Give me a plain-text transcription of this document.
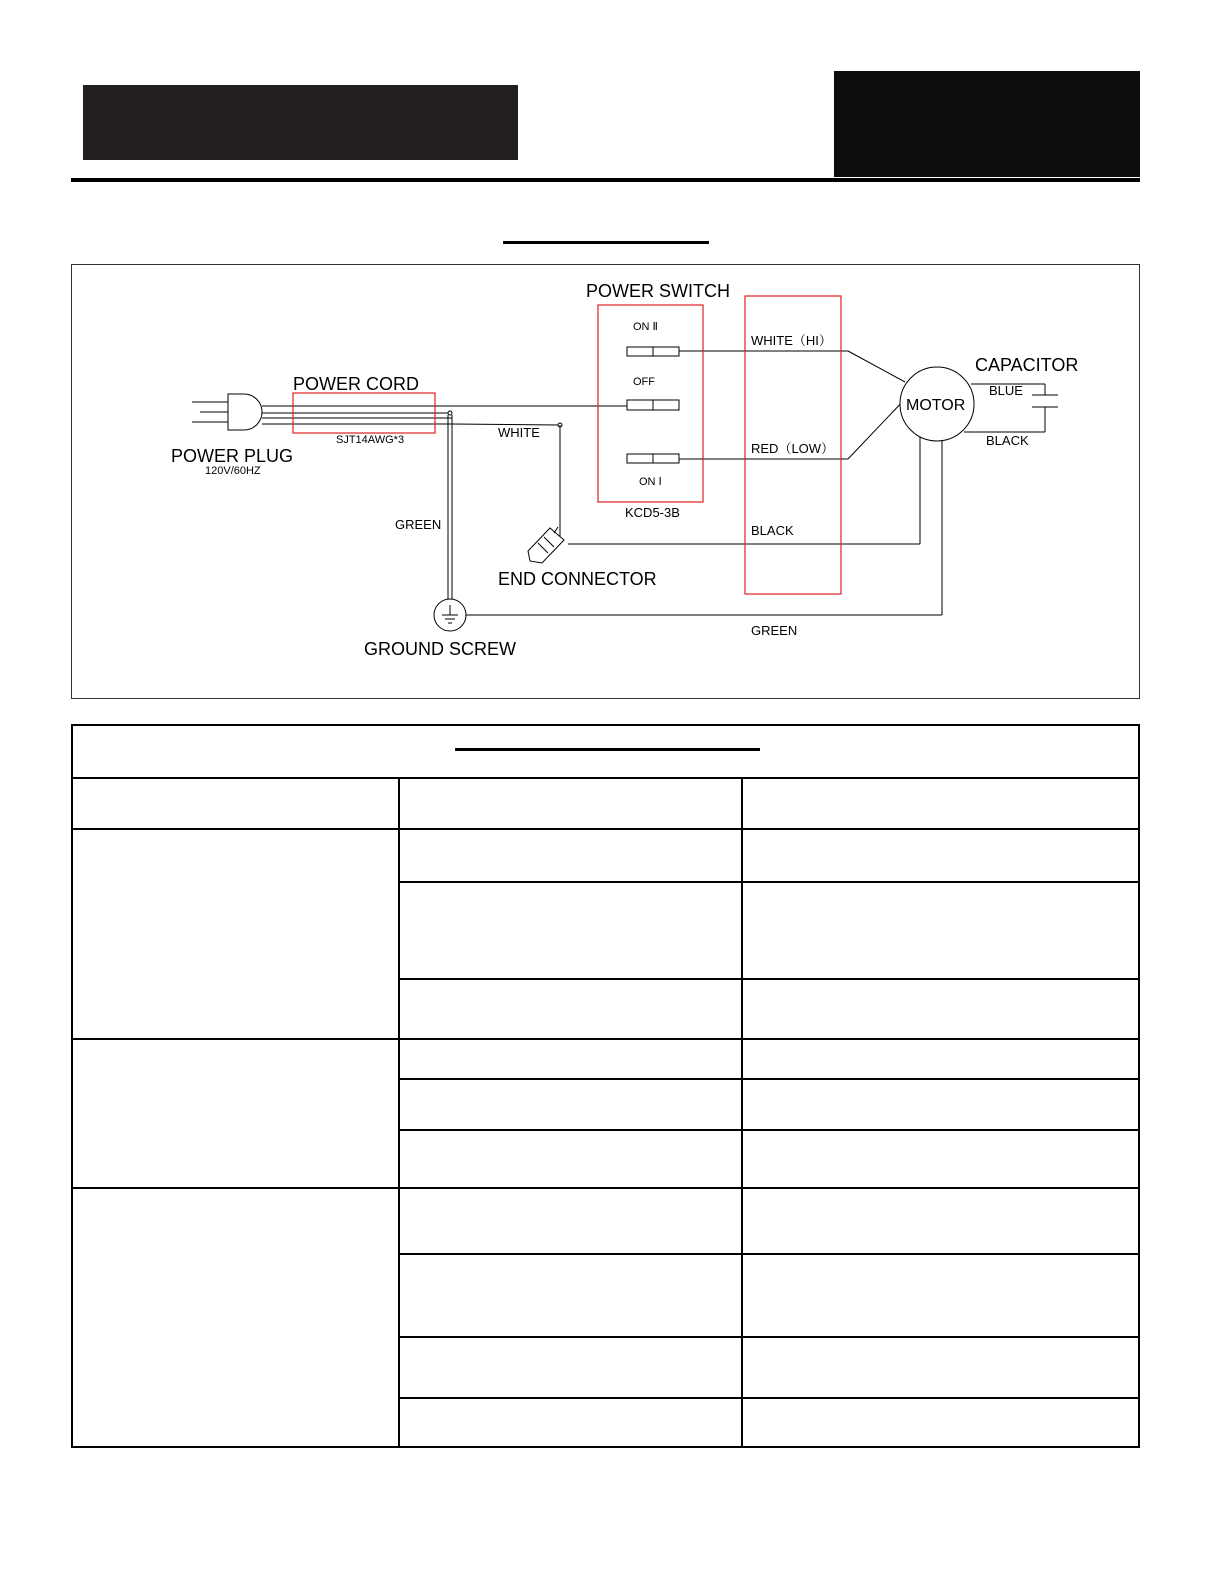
POWER SWITCH
ON Ⅱ
OFF
ON Ⅰ
KCD5-3B
WHITE（HI）
RED（LOW）
BLACK
GREEN
MOTOR
CAPACITOR
BLUE
BLACK
POWER CORD
SJT14AWG*3
POWER PLUG
120V/60HZ
WHITE
GREEN
END CONNECTOR
GROUND SCREW
